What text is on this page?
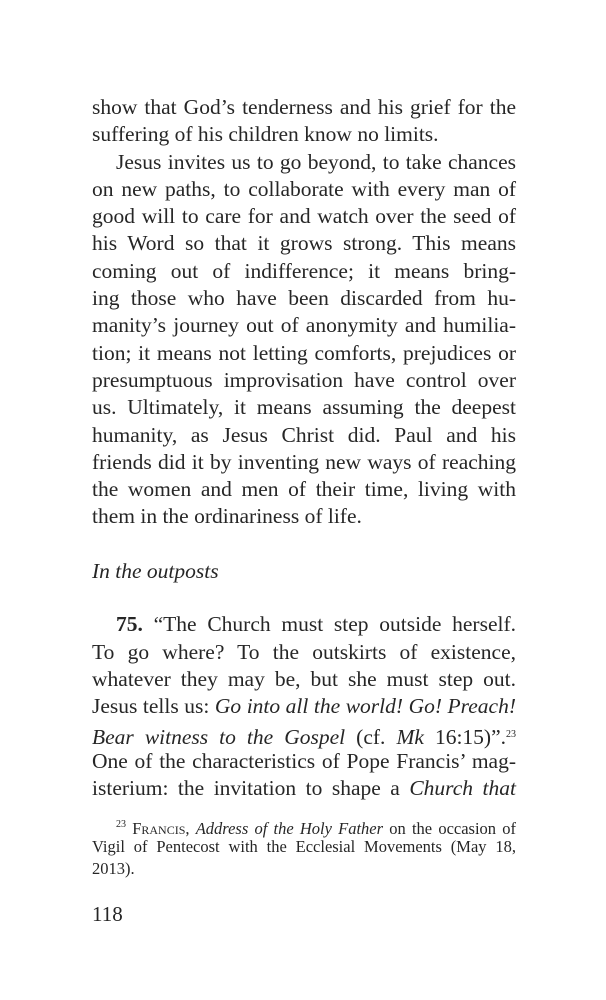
show that God’s tenderness and his grief for the
suffering of his children know no limits.
Jesus invites us to go beyond, to take chances
on new paths, to collaborate with every man of
good will to care for and watch over the seed of
his Word so that it grows strong. This means
coming out of indifference; it means bring-
ing those who have been discarded from hu-
manity’s journey out of anonymity and humilia-
tion; it means not letting comforts, prejudices or
presumptuous improvisation have control over
us. Ultimately, it means assuming the deepest
humanity, as Jesus Christ did. Paul and his
friends did it by inventing new ways of reaching
the women and men of their time, living with
them in the ordinariness of life.
In the outposts
75. “The Church must step outside herself.
To go where? To the outskirts of existence,
whatever they may be, but she must step out.
Jesus tells us: Go into all the world! Go! Preach!
Bear witness to the Gospel (cf. Mk 16:15)”.$^{23}$
One of the characteristics of Pope Francis’ mag-
isterium: the invitation to shape a Church that
$^{23}$ Francis, Address of the Holy Father on the occasion of
Vigil of Pentecost with the Ecclesial Movements (May 18,
2013).
118
